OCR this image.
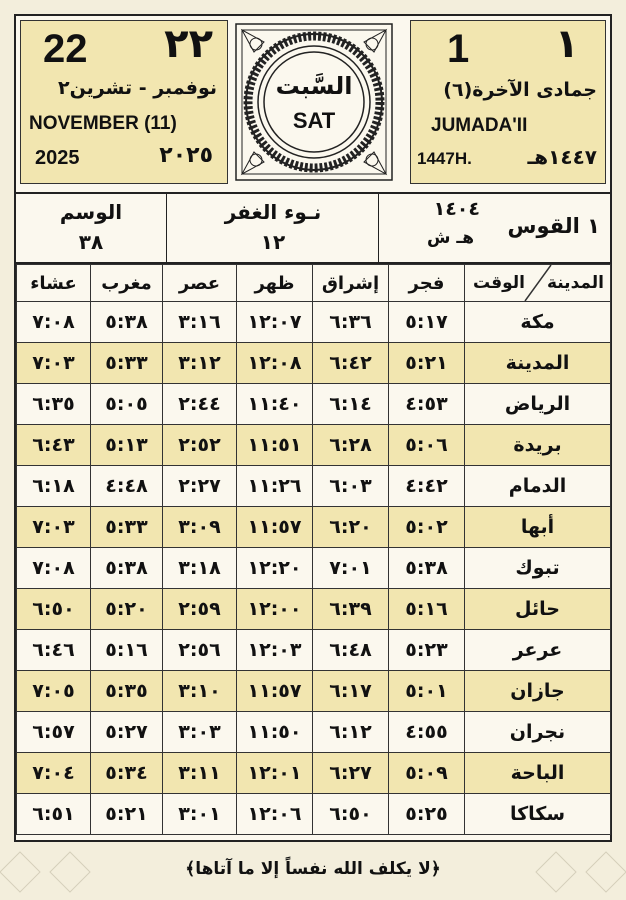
22 ٢٢
نوفمبر - تشرين٢
NOVEMBER (11)
2025	٢٠٢٥
السَّبت
SAT
1 ١
جمادى الآخرة(٦)
JUMADA'II
1447H.	١٤٤٧هـ
الوسم
٣٨
نـوء الغفر
١٢
١٤٠٤
هـ ش ١ القوس
المدينة
الوقت	فجر	إشراق	ظهر	عصر	مغرب	عشاء
مكة	٥:١٧	٦:٣٦	١٢:٠٧	٣:١٦	٥:٣٨	٧:٠٨
المدينة	٥:٢١	٦:٤٢	١٢:٠٨	٣:١٢	٥:٣٣	٧:٠٣
الرياض	٤:٥٣	٦:١٤	١١:٤٠	٢:٤٤	٥:٠٥	٦:٣٥
بريدة	٥:٠٦	٦:٢٨	١١:٥١	٢:٥٢	٥:١٣	٦:٤٣
الدمام	٤:٤٢	٦:٠٣	١١:٢٦	٢:٢٧	٤:٤٨	٦:١٨
أبها	٥:٠٢	٦:٢٠	١١:٥٧	٣:٠٩	٥:٣٣	٧:٠٣
تبوك	٥:٣٨	٧:٠١	١٢:٢٠	٣:١٨	٥:٣٨	٧:٠٨
حائل	٥:١٦	٦:٣٩	١٢:٠٠	٢:٥٩	٥:٢٠	٦:٥٠
عرعر	٥:٢٣	٦:٤٨	١٢:٠٣	٢:٥٦	٥:١٦	٦:٤٦
جازان	٥:٠١	٦:١٧	١١:٥٧	٣:١٠	٥:٣٥	٧:٠٥
نجران	٤:٥٥	٦:١٢	١١:٥٠	٣:٠٣	٥:٢٧	٦:٥٧
الباحة	٥:٠٩	٦:٢٧	١٢:٠١	٣:١١	٥:٣٤	٧:٠٤
سكاكا	٥:٢٥	٦:٥٠	١٢:٠٦	٣:٠١	٥:٢١	٦:٥١
﴿لا يكلف الله نفساً إلا ما آتاها﴾
